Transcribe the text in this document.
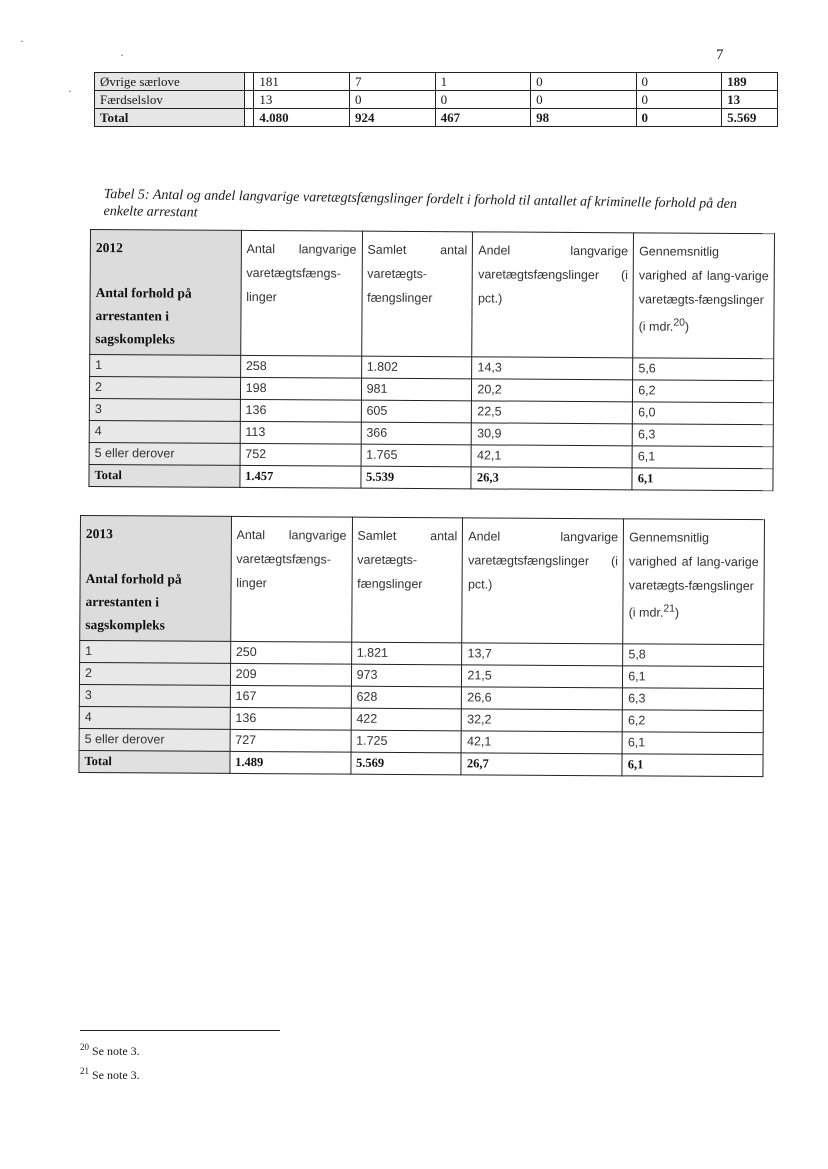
·
·
·
7
Øvrige særlove		181	7	1	0	0	189
Færdselslov		13	0	0	0	0	13
Total		4.080	924	467	98	0	5.569
Tabel 5: Antal og andel langvarige varetægtsfængslinger fordelt i forhold til antallet af kriminelle forhold på den enkelte arrestant
2012
Antal forhold på arrestanten i sagskompleks	Antal langvarige varetægtsfængs-linger	Samlet antal varetægts-fængslinger	Andel langvarige varetægtsfængslinger (i pct.)	Gennemsnitlig varighed af lang-varige varetægts-fængslinger (i mdr.$^{20}$)
1	258	1.802	14,3	5,6
2	198	981	20,2	6,2
3	136	605	22,5	6,0
4	113	366	30,9	6,3
5 eller derover	752	1.765	42,1	6,1
Total	1.457	5.539	26,3	6,1
2013
Antal forhold på arrestanten i sagskompleks	Antal langvarige varetægtsfængs-linger	Samlet antal varetægts-fængslinger	Andel langvarige varetægtsfængslinger (i pct.)	Gennemsnitlig varighed af lang-varige varetægts-fængslinger (i mdr.$^{21}$)
1	250	1.821	13,7	5,8
2	209	973	21,5	6,1
3	167	628	26,6	6,3
4	136	422	32,2	6,2
5 eller derover	727	1.725	42,1	6,1
Total	1.489	5.569	26,7	6,1
$^{20}$ Se note 3.
$^{21}$ Se note 3.
